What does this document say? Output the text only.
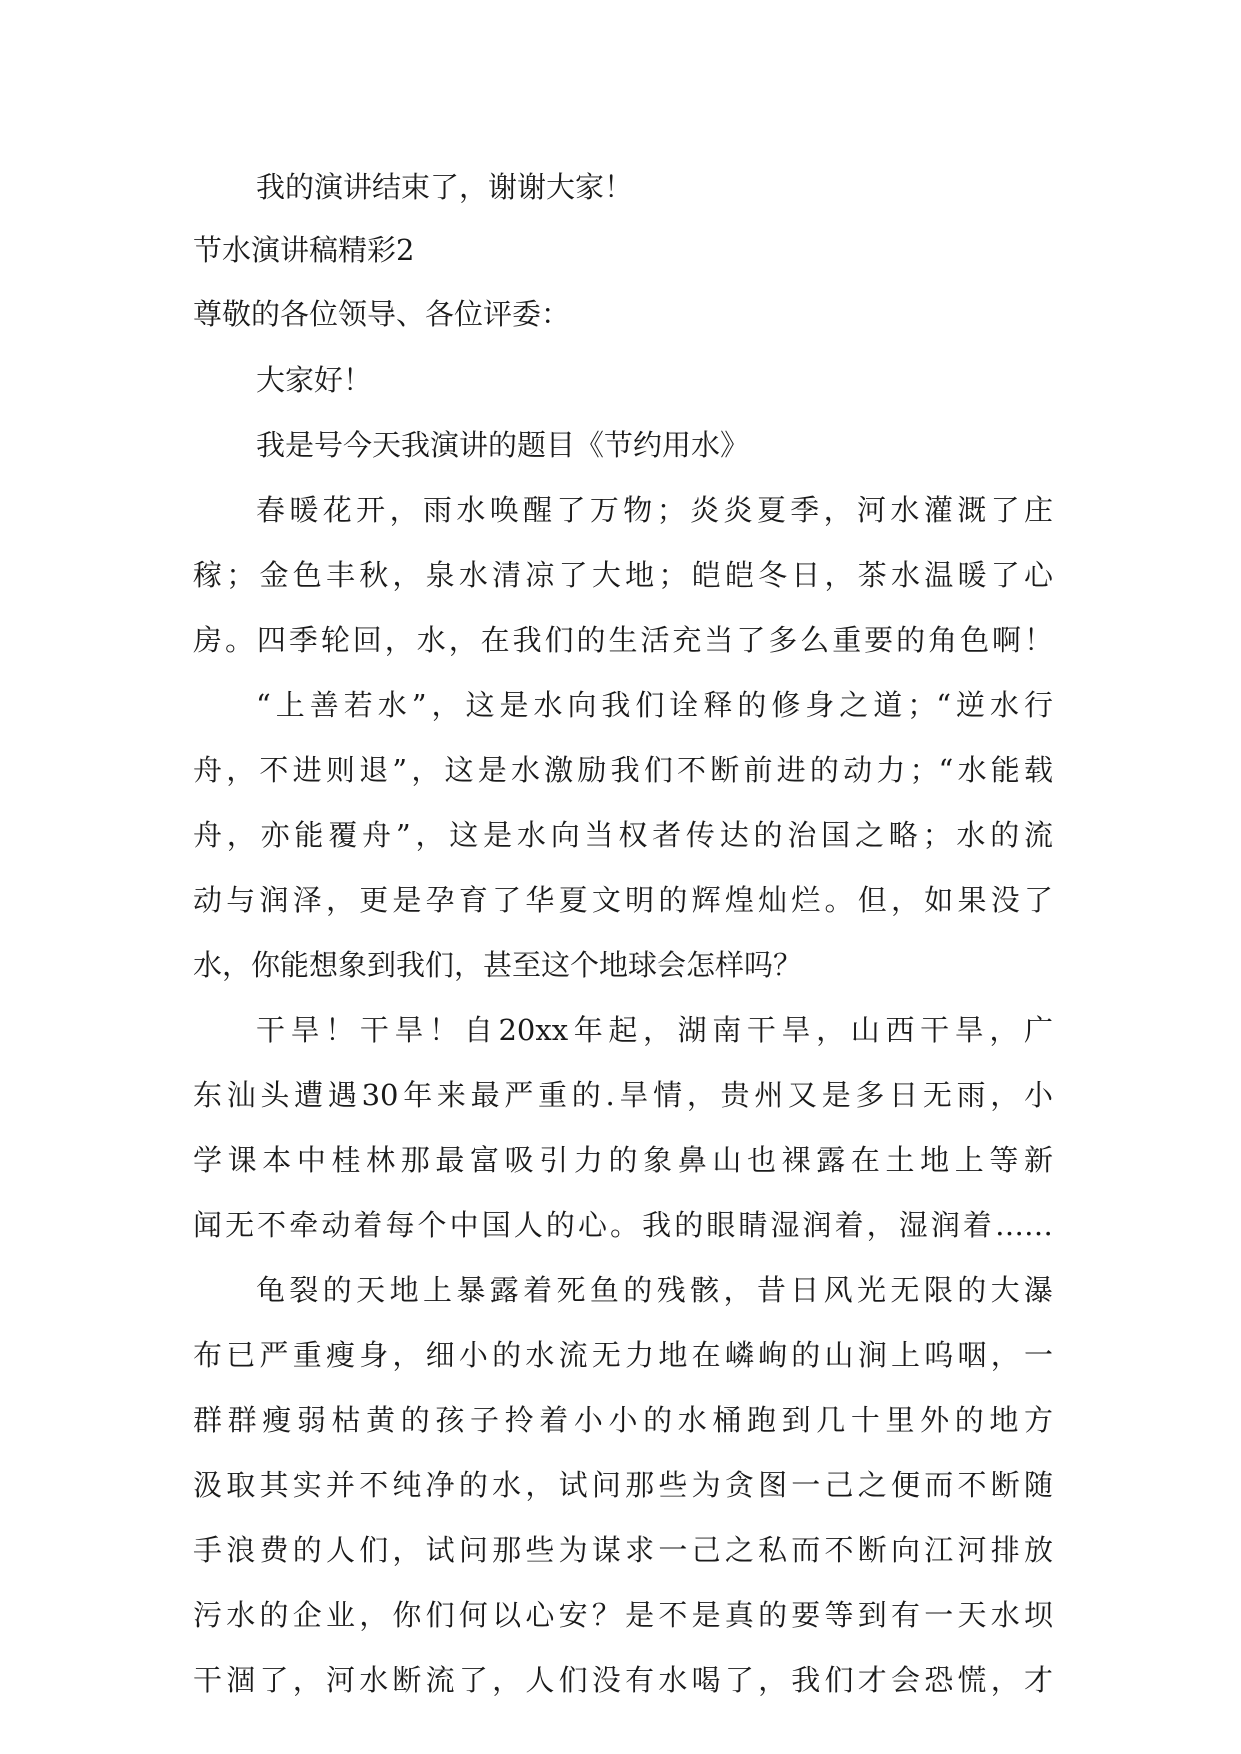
我的演讲结束了，谢谢大家！
节水演讲稿精彩2
尊敬的各位领导、各位评委：
大家好！
我是号今天我演讲的题目《节约用水》
春暖花开，雨水唤醒了万物；炎炎夏季，河水灌溉了庄
稼；金色丰秋，泉水清凉了大地；皑皑冬日，茶水温暖了心
房。四季轮回，水，在我们的生活充当了多么重要的角色啊！
“上善若水”，这是水向我们诠释的修身之道；“逆水行
舟，不进则退”，这是水激励我们不断前进的动力；“水能载
舟，亦能覆舟”，这是水向当权者传达的治国之略；水的流
动与润泽，更是孕育了华夏文明的辉煌灿烂。但，如果没了
水，你能想象到我们，甚至这个地球会怎样吗？
干旱！干旱！自20xx年起，湖南干旱，山西干旱，广
东汕头遭遇30年来最严重的.旱情，贵州又是多日无雨，小
学课本中桂林那最富吸引力的象鼻山也裸露在土地上等新
闻无不牵动着每个中国人的心。我的眼睛湿润着，湿润着……
龟裂的天地上暴露着死鱼的残骸，昔日风光无限的大瀑
布已严重瘦身，细小的水流无力地在嶙峋的山涧上呜咽，一
群群瘦弱枯黄的孩子拎着小小的水桶跑到几十里外的地方
汲取其实并不纯净的水，试问那些为贪图一己之便而不断随
手浪费的人们，试问那些为谋求一己之私而不断向江河排放
污水的企业，你们何以心安？是不是真的要等到有一天水坝
干涸了，河水断流了，人们没有水喝了，我们才会恐慌，才
